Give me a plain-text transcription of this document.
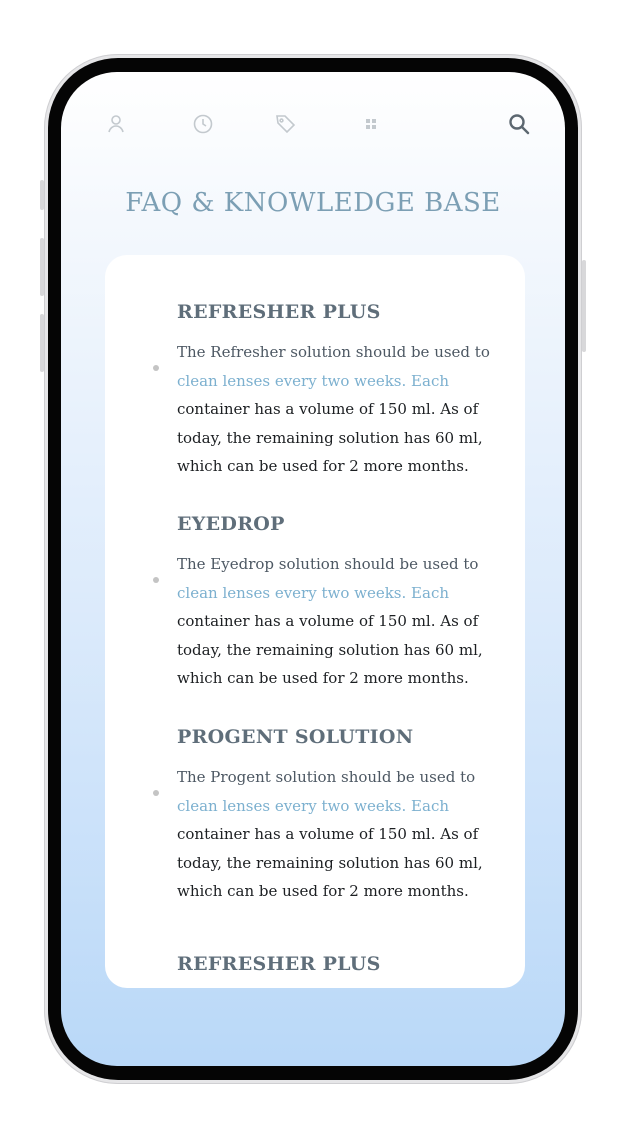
FAQ & KNOWLEDGE BASE
REFRESHER PLUS
The Refresher solution should be used to
clean lenses every two weeks. Each
container has a volume of 150 ml. As of
today, the remaining solution has 60 ml,
which can be used for 2 more months.
EYEDROP
The Eyedrop solution should be used to
clean lenses every two weeks. Each
container has a volume of 150 ml. As of
today, the remaining solution has 60 ml,
which can be used for 2 more months.
PROGENT SOLUTION
The Progent solution should be used to
clean lenses every two weeks. Each
container has a volume of 150 ml. As of
today, the remaining solution has 60 ml,
which can be used for 2 more months.
REFRESHER PLUS
